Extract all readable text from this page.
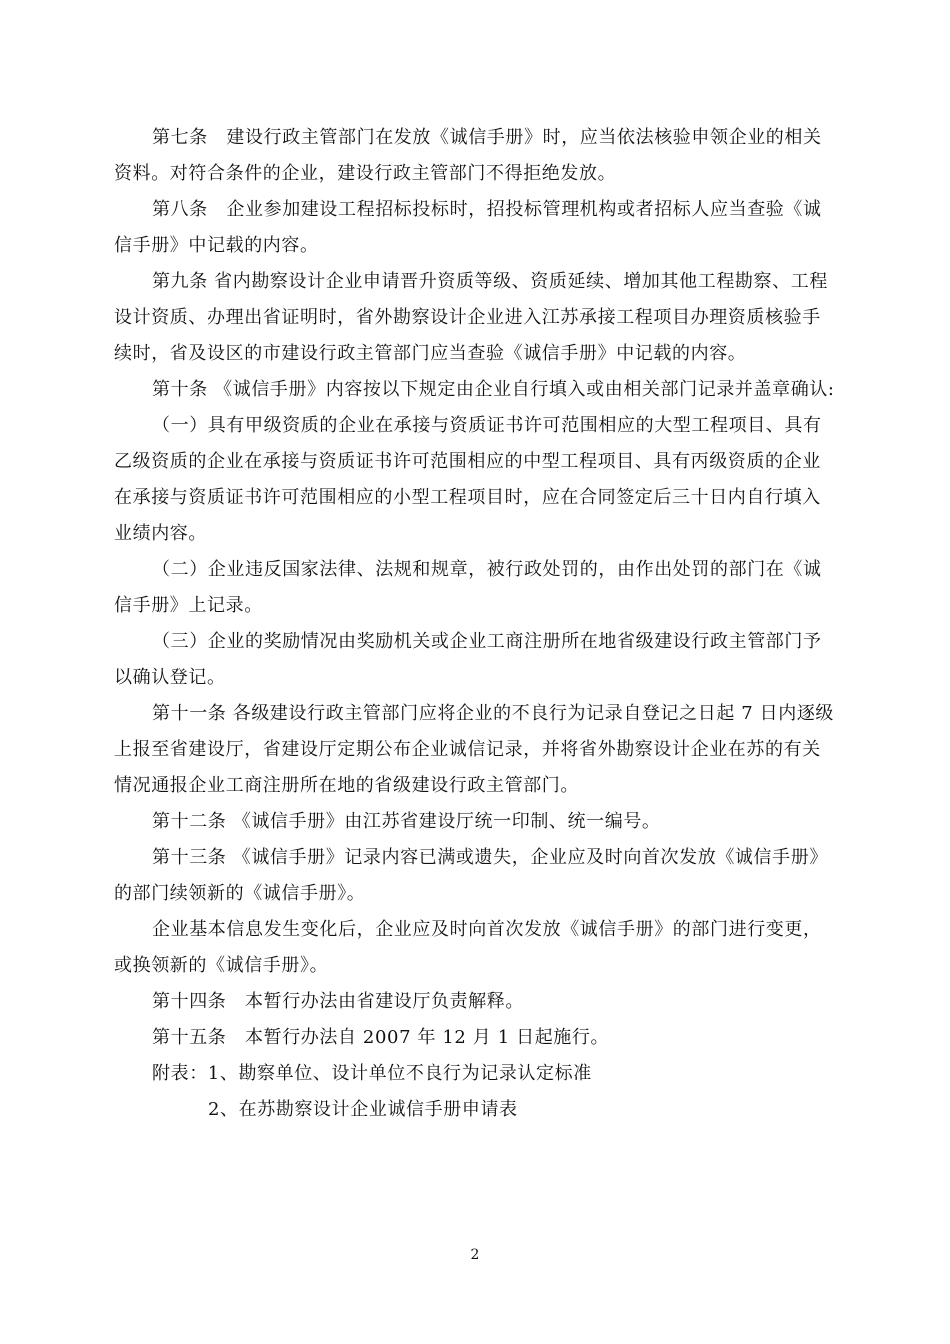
第七条　建设行政主管部门在发放《诚信手册》时，应当依法核验申领企业的相关
资料。对符合条件的企业，建设行政主管部门不得拒绝发放。
第八条　企业参加建设工程招标投标时，招投标管理机构或者招标人应当查验《诚
信手册》中记载的内容。
第九条 省内勘察设计企业申请晋升资质等级、资质延续、增加其他工程勘察、工程
设计资质、办理出省证明时，省外勘察设计企业进入江苏承接工程项目办理资质核验手
续时，省及设区的市建设行政主管部门应当查验《诚信手册》中记载的内容。
第十条 《诚信手册》内容按以下规定由企业自行填入或由相关部门记录并盖章确认:
（一）具有甲级资质的企业在承接与资质证书许可范围相应的大型工程项目、具有
乙级资质的企业在承接与资质证书许可范围相应的中型工程项目、具有丙级资质的企业
在承接与资质证书许可范围相应的小型工程项目时，应在合同签定后三十日内自行填入
业绩内容。
（二）企业违反国家法律、法规和规章，被行政处罚的，由作出处罚的部门在《诚
信手册》上记录。
（三）企业的奖励情况由奖励机关或企业工商注册所在地省级建设行政主管部门予
以确认登记。
第十一条 各级建设行政主管部门应将企业的不良行为记录自登记之日起 7 日内逐级
上报至省建设厅，省建设厅定期公布企业诚信记录，并将省外勘察设计企业在苏的有关
情况通报企业工商注册所在地的省级建设行政主管部门。
第十二条 《诚信手册》由江苏省建设厅统一印制、统一编号。
第十三条 《诚信手册》记录内容已满或遗失，企业应及时向首次发放《诚信手册》
的部门续领新的《诚信手册》。
企业基本信息发生变化后，企业应及时向首次发放《诚信手册》的部门进行变更，
或换领新的《诚信手册》。
第十四条　本暂行办法由省建设厅负责解释。
第十五条　本暂行办法自 2007 年 12 月 1 日起施行。
附表：1、勘察单位、设计单位不良行为记录认定标准
2、在苏勘察设计企业诚信手册申请表
2
